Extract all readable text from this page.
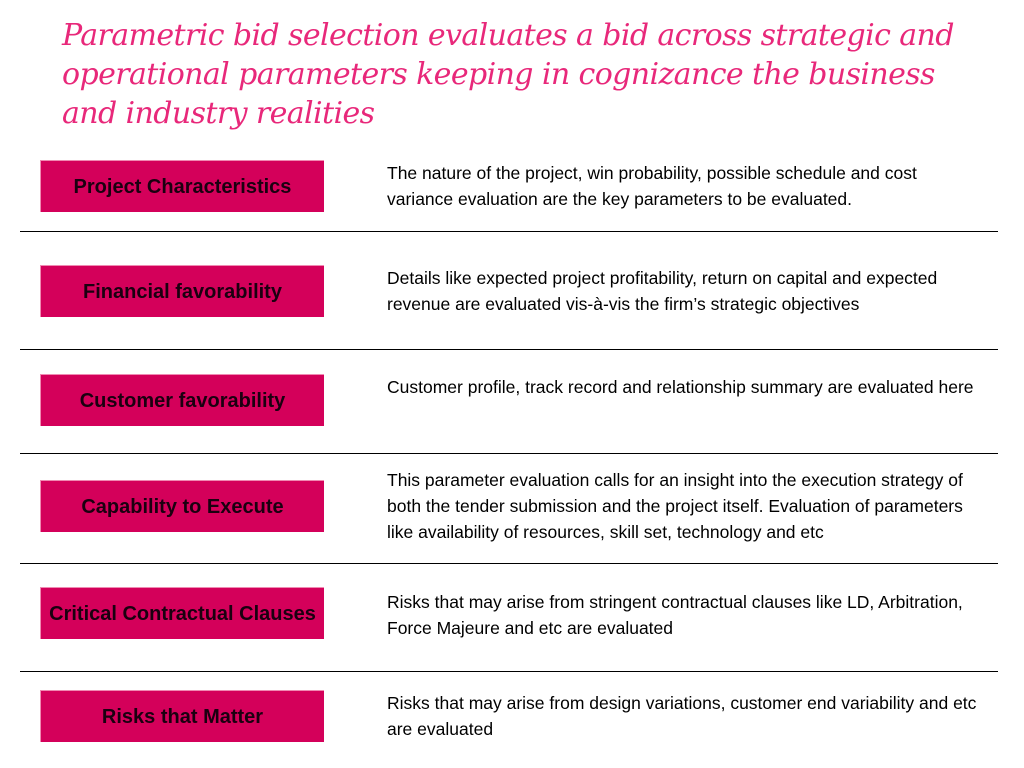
Parametric bid selection evaluates a bid across strategic and operational parameters keeping in cognizance the business and industry realities
Project Characteristics
The nature of the project, win probability, possible schedule and cost variance evaluation are the key parameters to be evaluated.
Financial favorability
Details like expected project profitability, return on capital and expected revenue are evaluated vis-à-vis the firm’s strategic objectives
Customer favorability
Customer profile, track record and relationship summary are evaluated here
Capability to Execute
This parameter evaluation calls for an insight into the execution strategy of both the tender submission and the project itself. Evaluation of parameters like availability of resources, skill set, technology and etc
Critical Contractual Clauses
Risks that may arise from stringent contractual clauses like LD, Arbitration, Force Majeure and etc are evaluated
Risks that Matter
Risks that may arise from design variations, customer end variability and etc are evaluated
